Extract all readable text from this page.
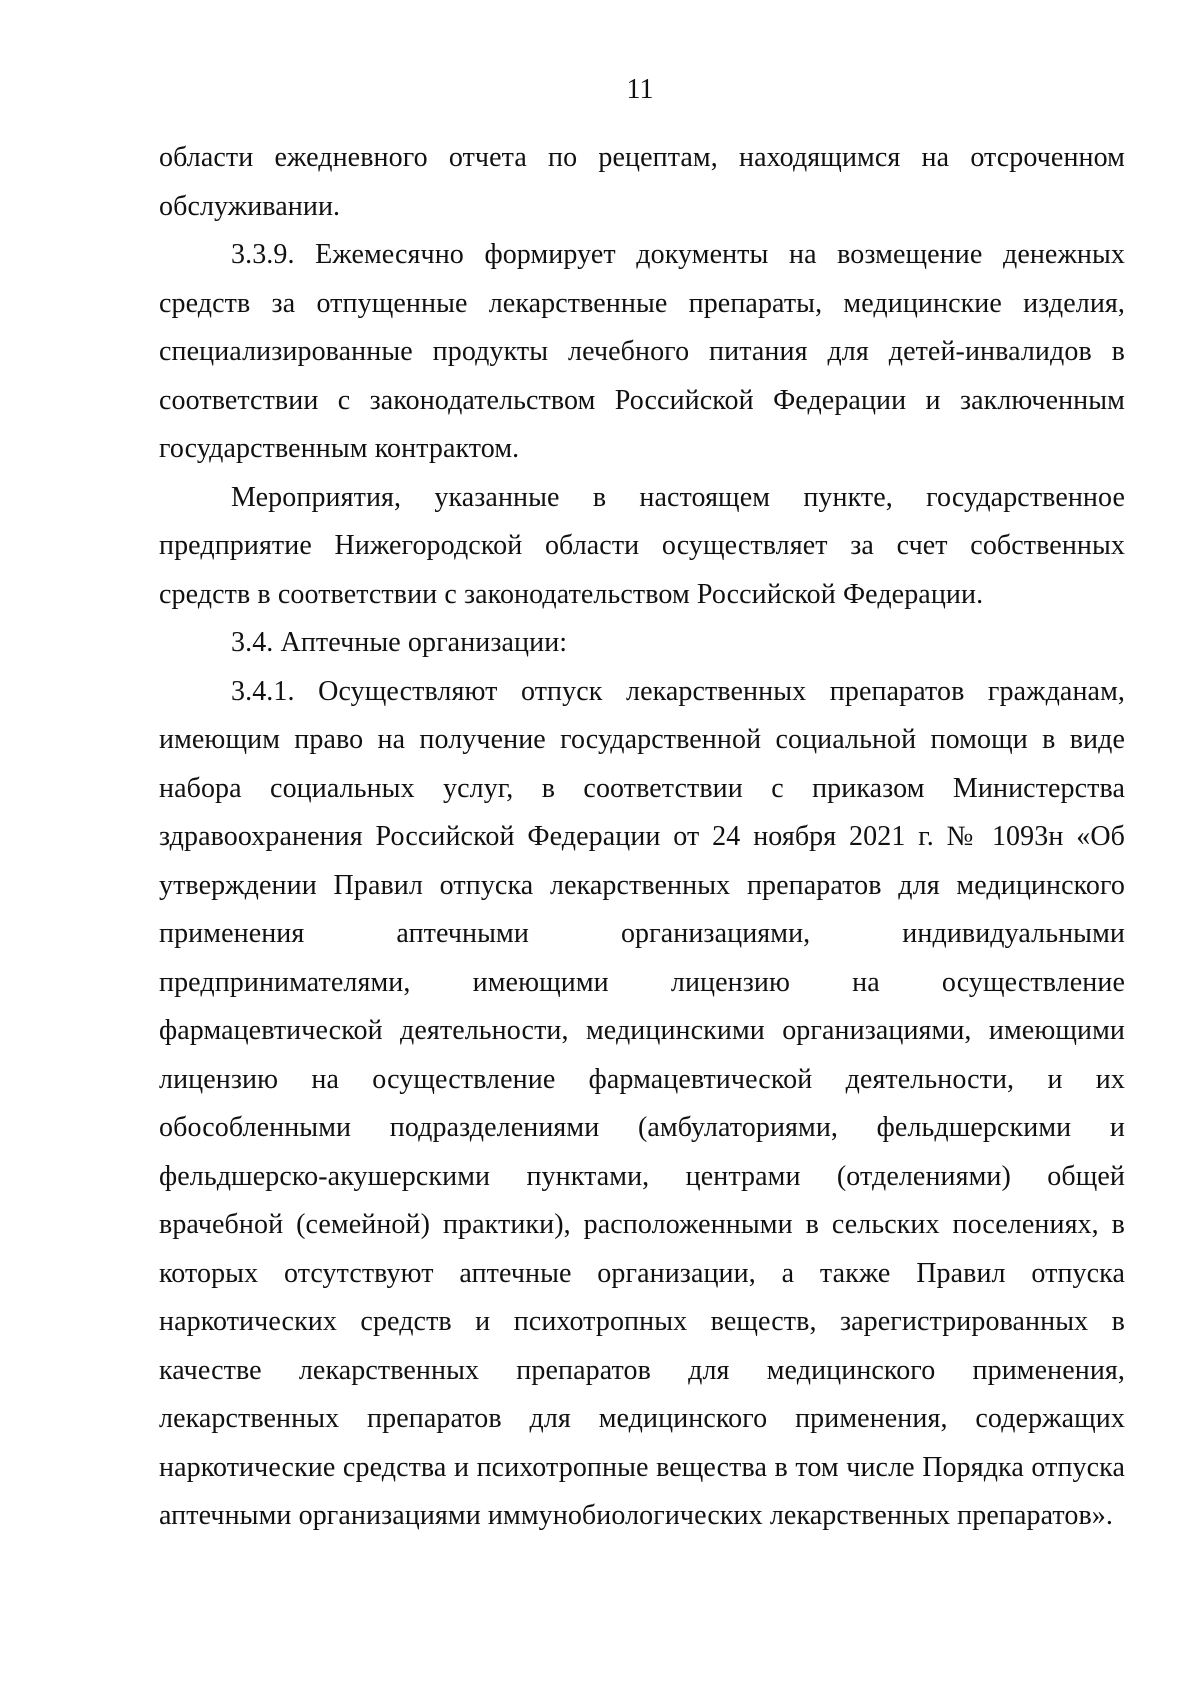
11

области ежедневного отчета по рецептам, находящимся на отсроченном обслуживании.

3.3.9. Ежемесячно формирует документы на возмещение денежных средств за отпущенные лекарственные препараты, медицинские изделия, специализированные продукты лечебного питания для детей-инвалидов в соответствии с законодательством Российской Федерации и заключенным государственным контрактом.

Мероприятия, указанные в настоящем пункте, государственное предприятие Нижегородской области осуществляет за счет собственных средств в соответствии с законодательством Российской Федерации.

3.4. Аптечные организации:

3.4.1. Осуществляют отпуск лекарственных препаратов гражданам, имеющим право на получение государственной социальной помощи в виде набора социальных услуг, в соответствии с приказом Министерства здравоохранения Российской Федерации от 24 ноября 2021 г. № 1093н «Об утверждении Правил отпуска лекарственных препаратов для медицинского применения аптечными организациями, индивидуальными предпринимателями, имеющими лицензию на осуществление фармацевтической деятельности, медицинскими организациями, имеющими лицензию на осуществление фармацевтической деятельности, и их обособленными подразделениями (амбулаториями, фельдшерскими и фельдшерско-акушерскими пунктами, центрами (отделениями) общей врачебной (семейной) практики), расположенными в сельских поселениях, в которых отсутствуют аптечные организации, а также Правил отпуска наркотических средств и психотропных веществ, зарегистрированных в качестве лекарственных препаратов для медицинского применения, лекарственных препаратов для медицинского применения, содержащих наркотические средства и психотропные вещества в том числе Порядка отпуска аптечными организациями иммунобиологических лекарственных препаратов».
